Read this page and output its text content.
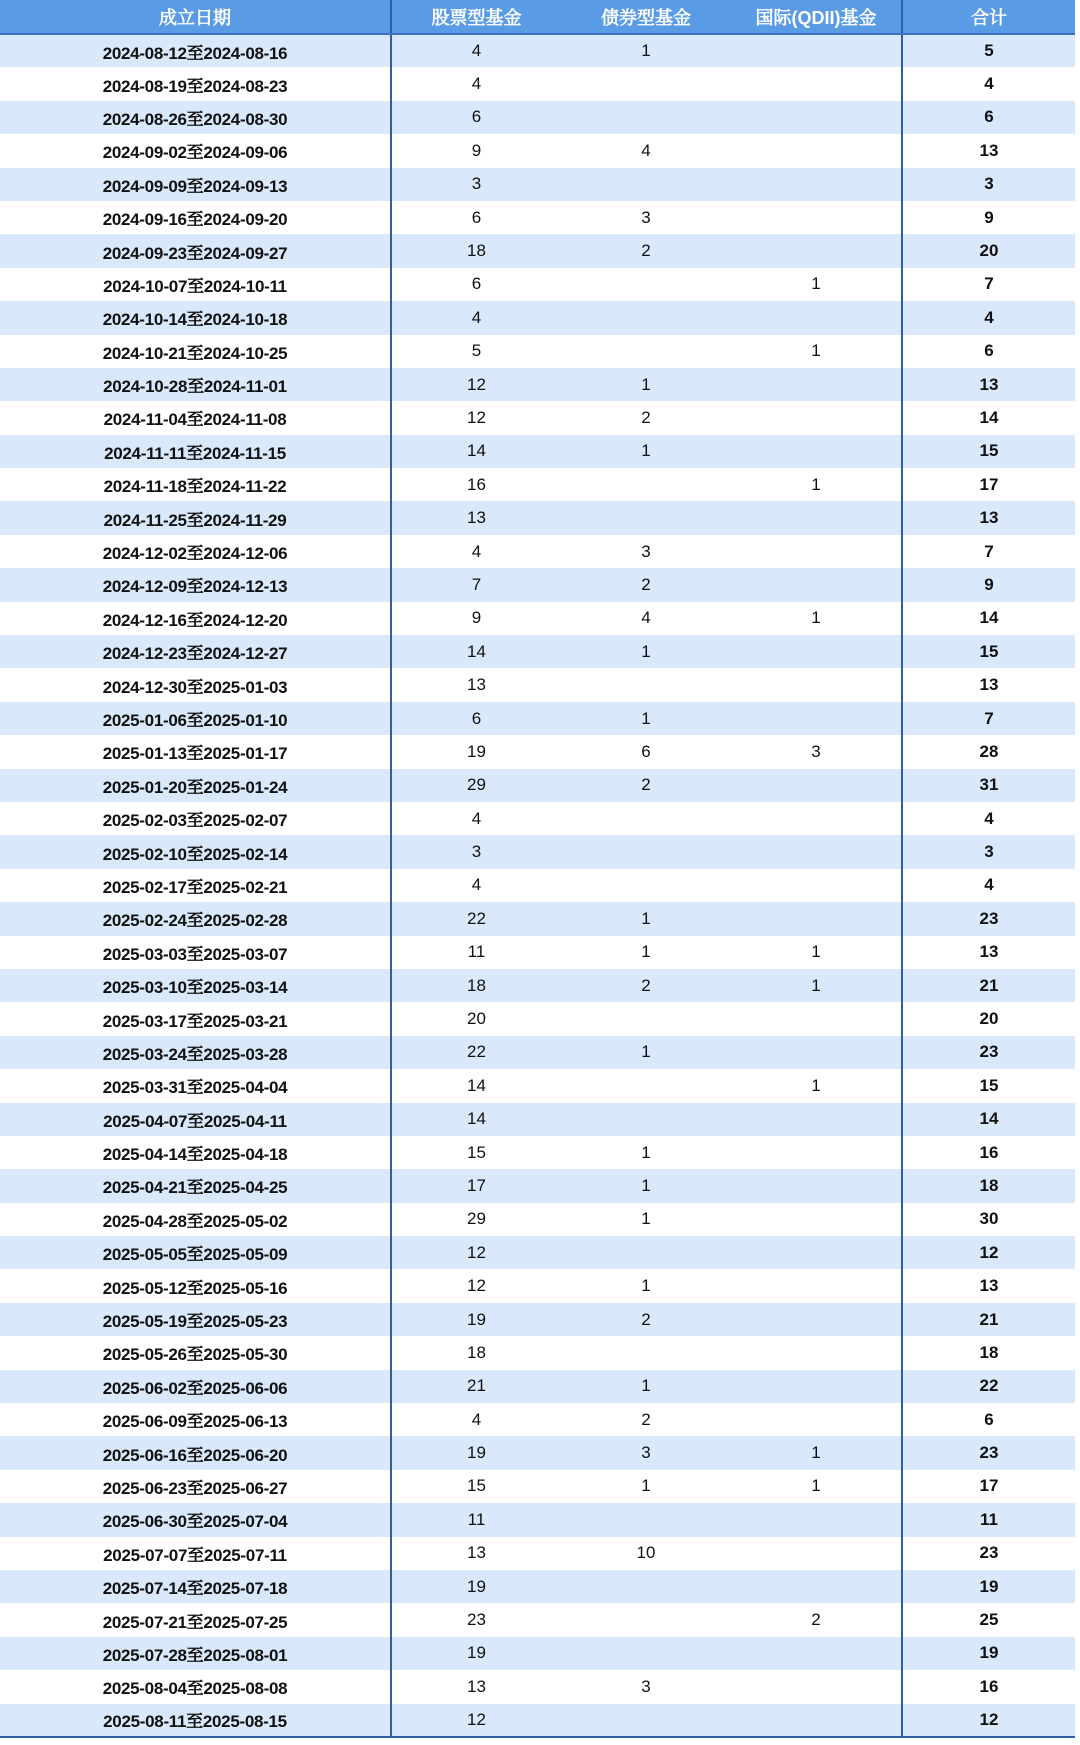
成立日期	股票型基金	债券型基金	国际(QDII)基金	合计
2024-08-12至2024-08-16	4	1		5
2024-08-19至2024-08-23	4			4
2024-08-26至2024-08-30	6			6
2024-09-02至2024-09-06	9	4		13
2024-09-09至2024-09-13	3			3
2024-09-16至2024-09-20	6	3		9
2024-09-23至2024-09-27	18	2		20
2024-10-07至2024-10-11	6		1	7
2024-10-14至2024-10-18	4			4
2024-10-21至2024-10-25	5		1	6
2024-10-28至2024-11-01	12	1		13
2024-11-04至2024-11-08	12	2		14
2024-11-11至2024-11-15	14	1		15
2024-11-18至2024-11-22	16		1	17
2024-11-25至2024-11-29	13			13
2024-12-02至2024-12-06	4	3		7
2024-12-09至2024-12-13	7	2		9
2024-12-16至2024-12-20	9	4	1	14
2024-12-23至2024-12-27	14	1		15
2024-12-30至2025-01-03	13			13
2025-01-06至2025-01-10	6	1		7
2025-01-13至2025-01-17	19	6	3	28
2025-01-20至2025-01-24	29	2		31
2025-02-03至2025-02-07	4			4
2025-02-10至2025-02-14	3			3
2025-02-17至2025-02-21	4			4
2025-02-24至2025-02-28	22	1		23
2025-03-03至2025-03-07	11	1	1	13
2025-03-10至2025-03-14	18	2	1	21
2025-03-17至2025-03-21	20			20
2025-03-24至2025-03-28	22	1		23
2025-03-31至2025-04-04	14		1	15
2025-04-07至2025-04-11	14			14
2025-04-14至2025-04-18	15	1		16
2025-04-21至2025-04-25	17	1		18
2025-04-28至2025-05-02	29	1		30
2025-05-05至2025-05-09	12			12
2025-05-12至2025-05-16	12	1		13
2025-05-19至2025-05-23	19	2		21
2025-05-26至2025-05-30	18			18
2025-06-02至2025-06-06	21	1		22
2025-06-09至2025-06-13	4	2		6
2025-06-16至2025-06-20	19	3	1	23
2025-06-23至2025-06-27	15	1	1	17
2025-06-30至2025-07-04	11			11
2025-07-07至2025-07-11	13	10		23
2025-07-14至2025-07-18	19			19
2025-07-21至2025-07-25	23		2	25
2025-07-28至2025-08-01	19			19
2025-08-04至2025-08-08	13	3		16
2025-08-11至2025-08-15	12			12
